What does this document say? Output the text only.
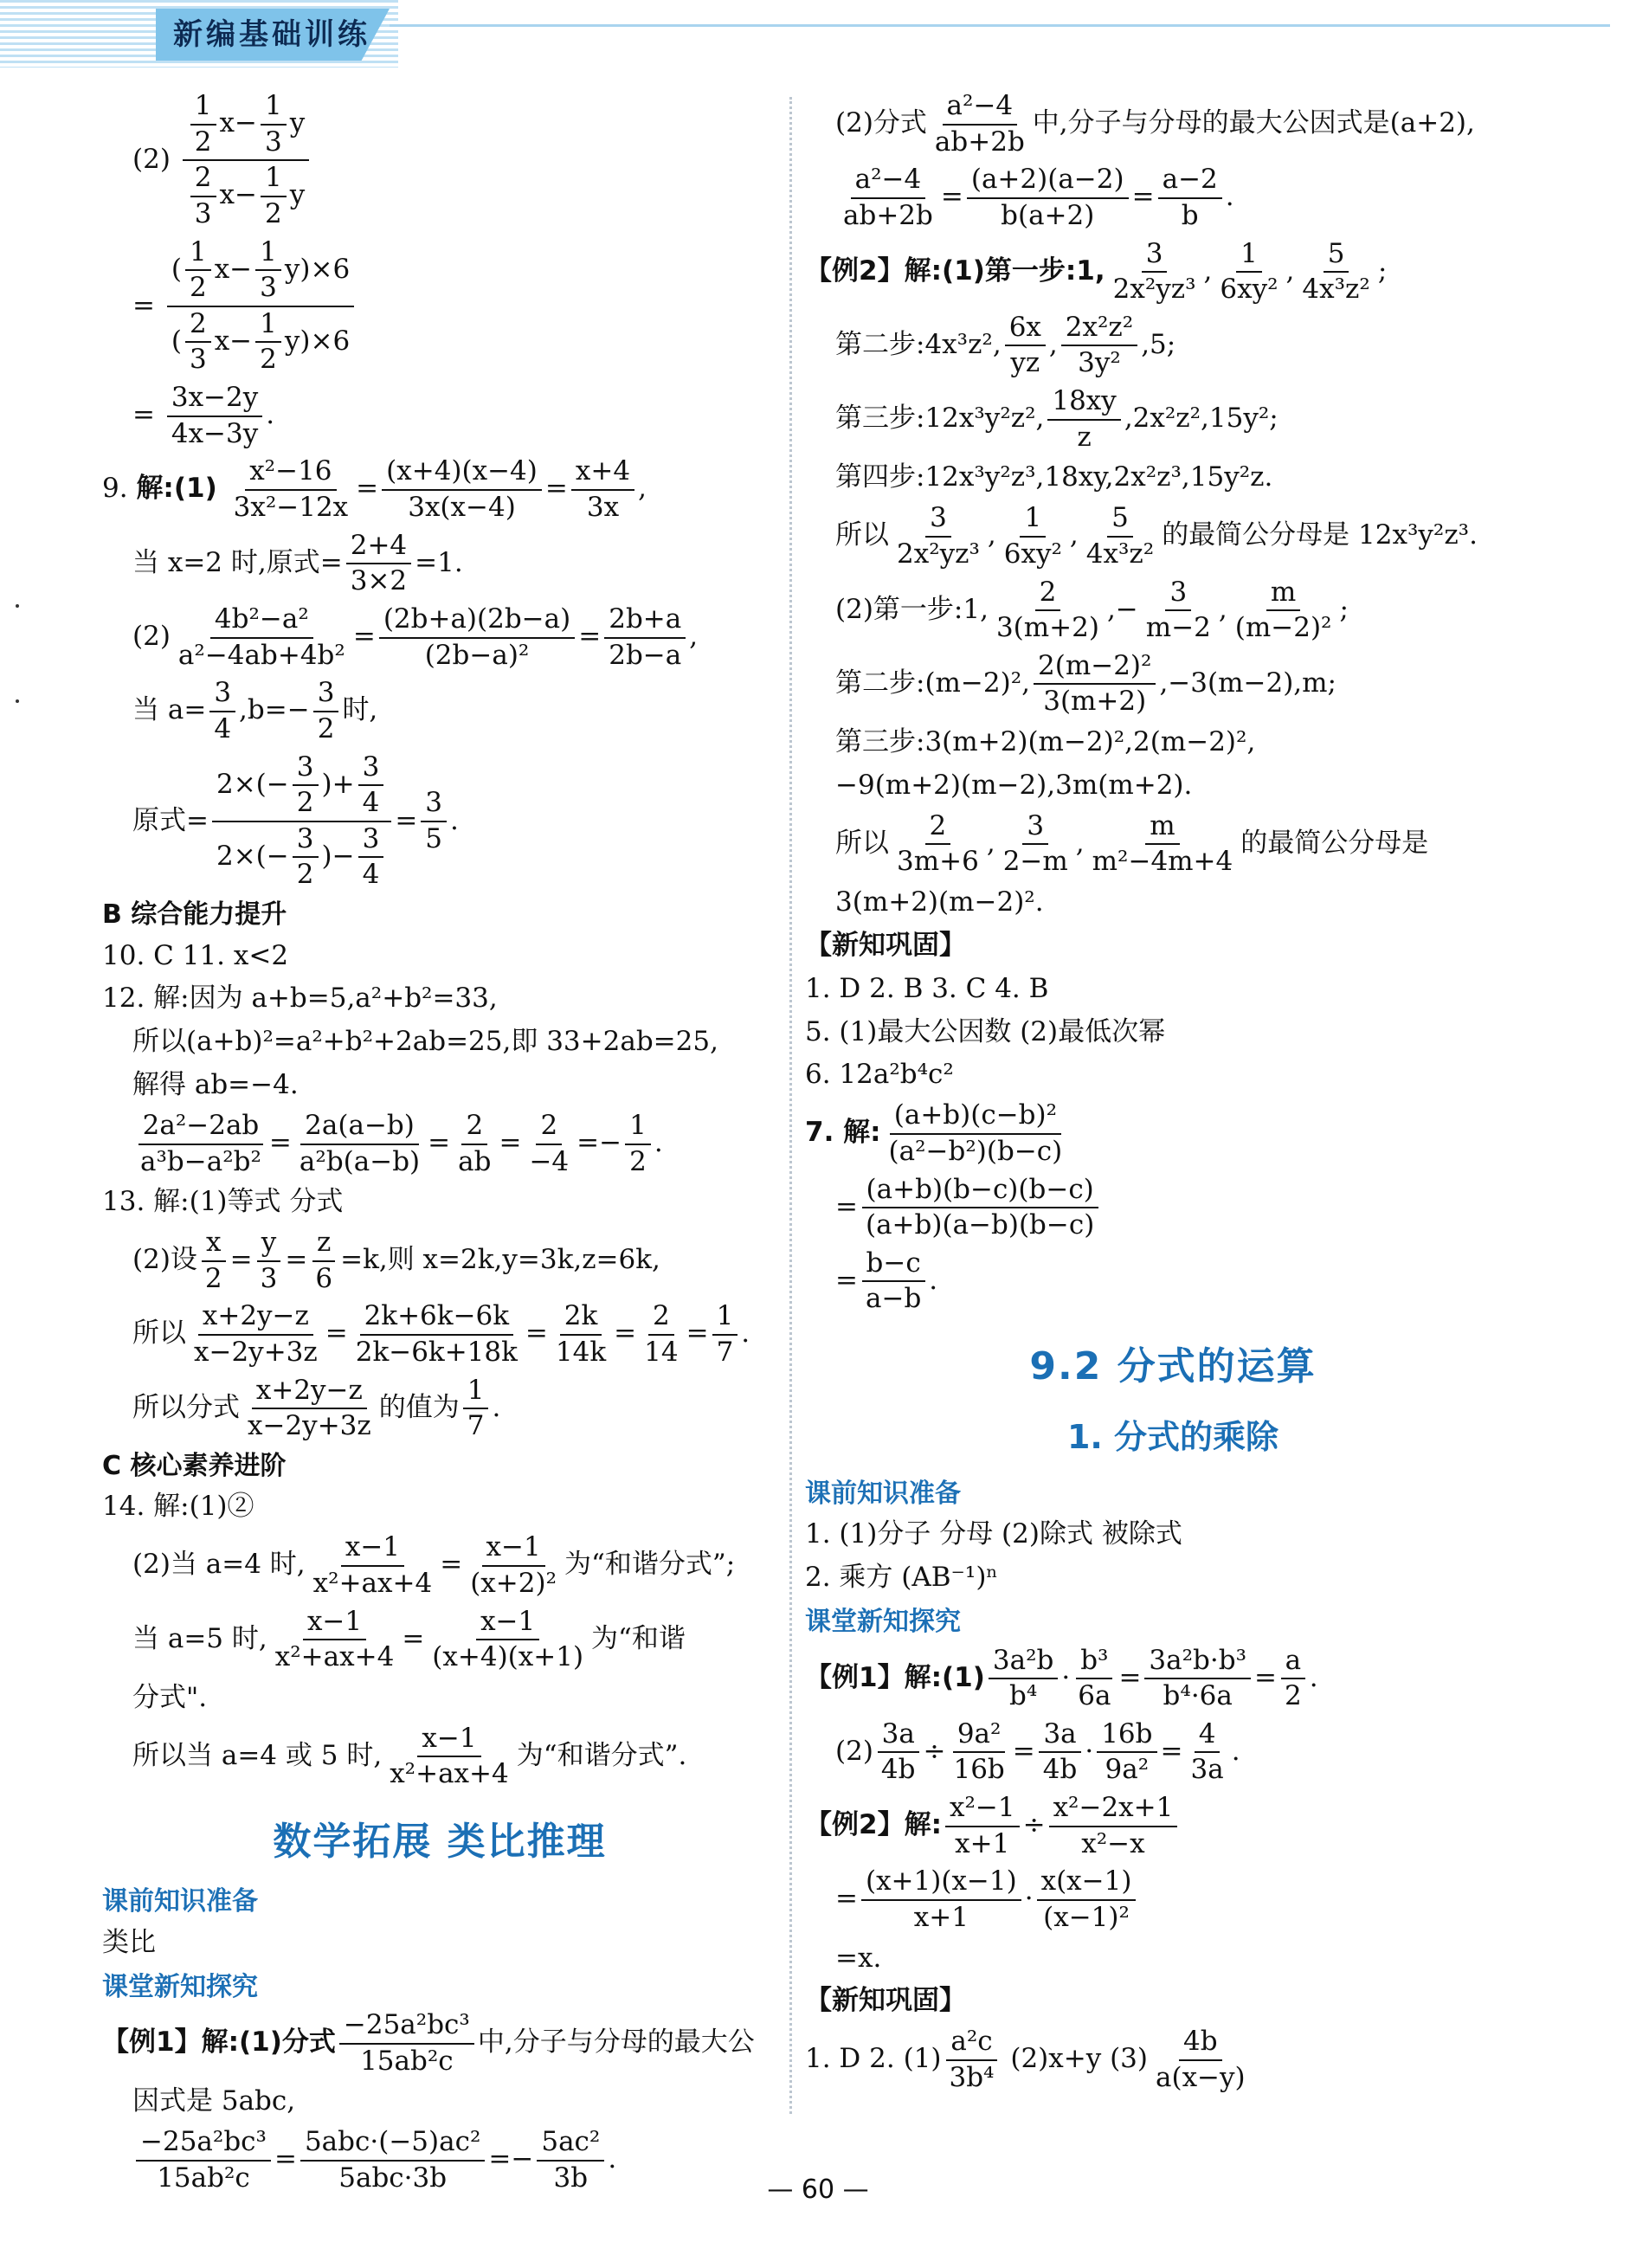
新编基础训练
$(2) \frac{\frac{1}{2} x- \frac{1}{3} y}{\frac{2}{3} x- \frac{1}{2} y}$
= $\frac{( \frac{1}{2} x- \frac{1}{3} y)\times 6}{( \frac{2}{3} x- \frac{1}{2} y)\times 6}$
= $\frac{3x-2y}{4x-3y}$ .
9. 解:(1) $\frac{\text{x²−16}}{\text{3x²−12x}} = \frac{(x+4)(x-4)}{3x(x-4)} = \frac{x+4}{3x}$ ,
当 x=2 时,原式= $\frac{2+4}{3\times 2} =1$.
$(2) \frac{\text{4b²−a²}}{\text{a²−4ab+4b²}} = \frac{(2b+a)(2b-a)}{\text{(2b−a)²}} = \frac{2b+a}{2b-a}$ ,
当 $a= \frac{3}{4} ,b=- \frac{3}{2}$ 时,
原式= $\frac{2\times(- \frac{3}{2} )+ \frac{3}{4}}{2\times(- \frac{3}{2} )- \frac{3}{4}} = \frac{3}{5}$ .
B 综合能力提升
10. C 11. x<2
12. 解:因为 a+b=5,a²+b²=33,
所以(a+b)²=a²+b²+2ab=25,即 33+2ab=25,
解得 ab=−4.
$\frac{\text{2a²−2ab}}{\text{a³b−a²b²}} = \frac{2a(a-b)}{\text{a²b(a−b)}} = \frac{2}{ab} = \frac{2}{-4} =- \frac{1}{2}$ .
13. 解:(1)等式 分式
(2)设 $\frac{x}{2} = \frac{y}{3} = \frac{z}{6} =k$,则 x=2k,y=3k,z=6k,
所以 $\frac{x+2y-z}{x-2y+3z} = \frac{2k+6k-6k}{2k-6k+18k} = \frac{2k}{14k} = \frac{2}{14} = \frac{1}{7}$ .
所以分式 $\frac{x+2y-z}{x-2y+3z}$ 的值为 $\frac{1}{7}$ .
C 核心素养进阶
14. 解:(1)②
(2)当 a=4 时, $\frac{x-1}{\text{x²+ax+4}} = \frac{x-1}{\text{(x+2)²}}$ 为“和谐分式”;
当 a=5 时, $\frac{x-1}{\text{x²+ax+4}} = \frac{x-1}{(x+4)(x+1)}$ 为“和谐
分式".
所以当 a=4 或 5 时, $\frac{x-1}{\text{x²+ax+4}}$ 为“和谐分式”.
数学拓展 类比推理
课前知识准备
类比
课堂新知探究
【例1】解:(1)分式 $\frac{\text{−25a²bc³}}{\text{15ab²c}}$ 中,分子与分母的最大公
因式是 5abc,
$\frac{\text{−25a²bc³}}{\text{15ab²c}} = \frac{\text{5abc·(−5)ac²}}{\text{5abc·3b}} =- \frac{\text{5ac²}}{3b}$ .
(2)分式 $\frac{\text{a²−4}}{ab+2b}$ 中,分子与分母的最大公因式是(a+2),
$\frac{\text{a²−4}}{ab+2b} = \frac{(a+2)(a-2)}{b(a+2)} = \frac{a-2}{b}$ .
【例2】解:(1)第一步:1, $\frac{3}{\text{2x²yz³}}$ , $\frac{1}{\text{6xy²}}$ , $\frac{5}{\text{4x³z²}}$ ;
第二步:4x³z², $\frac{6x}{yz}$ , $\frac{\text{2x²z²}}{\text{3y²}} ,5$;
第三步:12x³y²z², $\frac{18xy}{z} ,2x^2z^2,15y^2$;
第四步:12x³y²z³,18xy,2x²z³,15y²z.
所以 $\frac{3}{\text{2x²yz³}}$ , $\frac{1}{\text{6xy²}}$ , $\frac{5}{\text{4x³z²}}$ 的最简公分母是 12x³y²z³.
(2)第一步:1, $\frac{2}{3(m+2)}$ ,− $\frac{3}{m-2}$ , $\frac{m}{\text{(m−2)²}}$ ;
第二步:(m−2)², $\frac{\text{2(m−2)²}}{3(m+2)} ,-3(m-2),m$;
第三步:3(m+2)(m−2)²,2(m−2)²,
−9(m+2)(m−2),3m(m+2).
所以 $\frac{2}{3m+6}$ , $\frac{3}{2-m}$ , $\frac{m}{\text{m²−4m+4}}$ 的最简公分母是
3(m+2)(m−2)².
【新知巩固】
1. D 2. B 3. C 4. B
5. (1)最大公因数 (2)最低次幂
6. 12a²b⁴c²
7. 解: $\frac{\text{(a+b)(c−b)²}}{\text{(a²−b²)(b−c)}}$
= $\frac{(a+b)(b-c)(b-c)}{(a+b)(a-b)(b-c)}$
= $\frac{b-c}{a-b}$ .
9.2 分式的运算
1. 分式的乘除
课前知识准备
1. (1)分子 分母 (2)除式 被除式
2. 乘方 (AB⁻¹)ⁿ
课堂新知探究
【例1】解:(1) $\frac{\text{3a²b}}{\text{b⁴}} \cdot \frac{\text{b³}}{6a} = \frac{\text{3a²b·b³}}{\text{b⁴·6a}} = \frac{a}{2}$ .
$(2) \frac{3a}{4b} \div \frac{\text{9a²}}{16b} = \frac{3a}{4b} \cdot \frac{16b}{\text{9a²}} = \frac{4}{3a}$ .
【例2】解: $\frac{\text{x²−1}}{x+1} \div \frac{\text{x²−2x+1}}{\text{x²−x}}$
= $\frac{(x+1)(x-1)}{x+1} \cdot \frac{x(x-1)}{\text{(x−1)²}}$
=x.
【新知巩固】
1. D 2. $(1) \frac{\text{a²c}}{\text{3b⁴}} (2)x+y$ $(3) \frac{4b}{a(x-y)}$
— 60 —
